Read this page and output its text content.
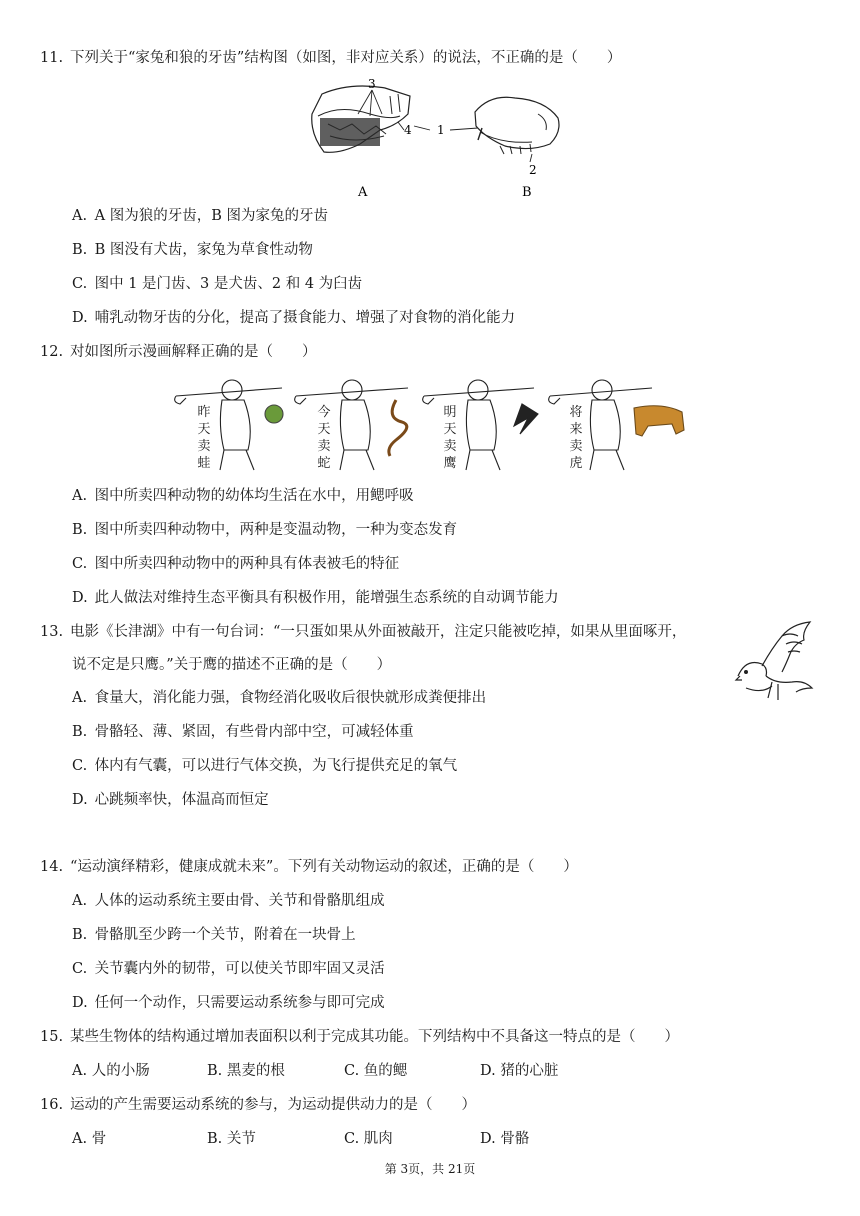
11. 下列关于“家兔和狼的牙齿”结构图（如图，非对应关系）的说法，不正确的是（　　）
3
4 1
2
A	B
A. A 图为狼的牙齿，B 图为家兔的牙齿
B. B 图没有犬齿，家兔为草食性动物
C. 图中 1 是门齿、3 是犬齿、2 和 4 为臼齿
D. 哺乳动物牙齿的分化，提高了摄食能力、增强了对食物的消化能力
12. 对如图所示漫画解释正确的是（　　）
昨
天
卖
蛙
今
天
卖
蛇
明
天
卖
鹰
将
来
卖
虎
A. 图中所卖四种动物的幼体均生活在水中，用鳃呼吸
B. 图中所卖四种动物中，两种是变温动物，一种为变态发育
C. 图中所卖四种动物中的两种具有体表被毛的特征
D. 此人做法对维持生态平衡具有积极作用，能增强生态系统的自动调节能力
13. 电影《长津湖》中有一句台词：“一只蛋如果从外面被敲开，注定只能被吃掉，如果从里面啄开，
说不定是只鹰。”关于鹰的描述不正确的是（　　）
A. 食量大，消化能力强，食物经消化吸收后很快就形成粪便排出
B. 骨骼轻、薄、紧固，有些骨内部中空，可减轻体重
C. 体内有气囊，可以进行气体交换，为飞行提供充足的氧气
D. 心跳频率快，体温高而恒定
14. “运动演绎精彩，健康成就未来”。下列有关动物运动的叙述，正确的是（　　）
A. 人体的运动系统主要由骨、关节和骨骼肌组成
B. 骨骼肌至少跨一个关节，附着在一块骨上
C. 关节囊内外的韧带，可以使关节即牢固又灵活
D. 任何一个动作，只需要运动系统参与即可完成
15. 某些生物体的结构通过增加表面积以利于完成其功能。下列结构中不具备这一特点的是（　　）
A. 人的小肠	B. 黑麦的根	C. 鱼的鳃	D. 猪的心脏
16. 运动的产生需要运动系统的参与，为运动提供动力的是（　　）
A. 骨	B. 关节	C. 肌肉	D. 骨骼
第 3页，共 21页
